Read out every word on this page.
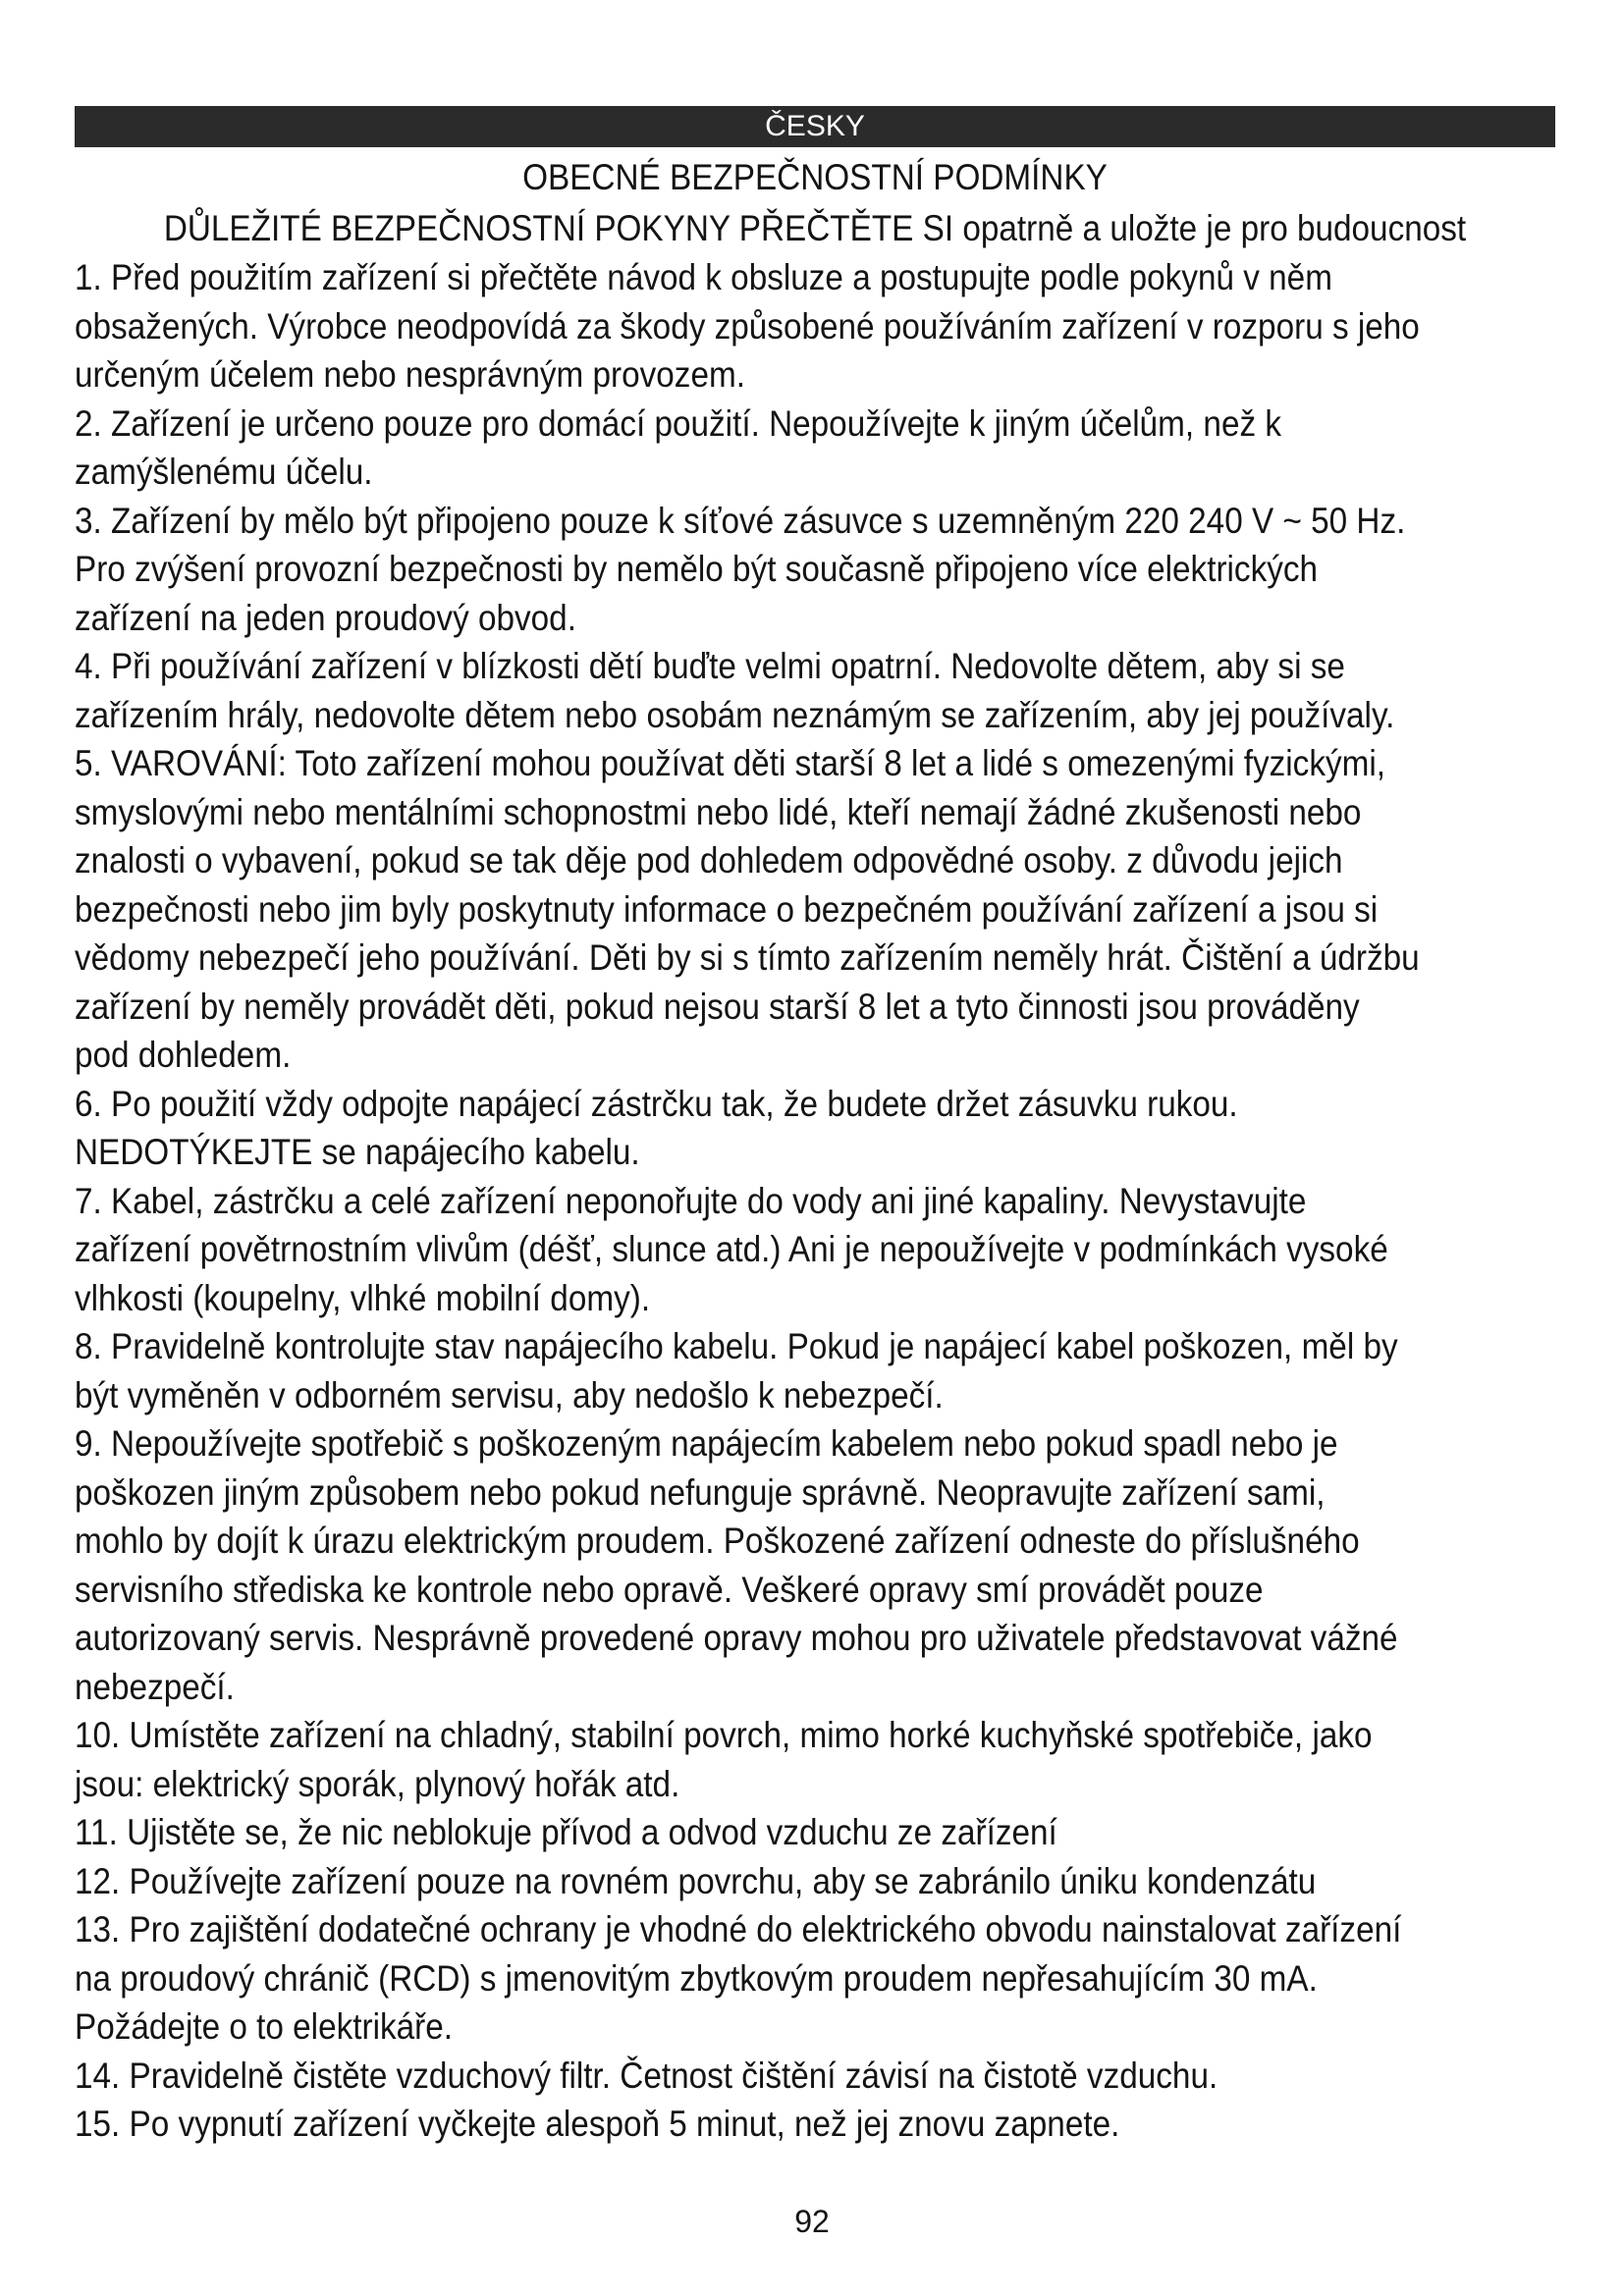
ČESKY
OBECNÉ BEZPEČNOSTNÍ PODMÍNKY
DŮLEŽITÉ BEZPEČNOSTNÍ POKYNY PŘEČTĚTE SI opatrně a uložte je pro budoucnost
1. Před použitím zařízení si přečtěte návod k obsluze a postupujte podle pokynů v něm
obsažených. Výrobce neodpovídá za škody způsobené používáním zařízení v rozporu s jeho
určeným účelem nebo nesprávným provozem.
2. Zařízení je určeno pouze pro domácí použití. Nepoužívejte k jiným účelům, než k
zamýšlenému účelu.
3. Zařízení by mělo být připojeno pouze k síťové zásuvce s uzemněným 220 240 V ~ 50 Hz.
Pro zvýšení provozní bezpečnosti by nemělo být současně připojeno více elektrických
zařízení na jeden proudový obvod.
4. Při používání zařízení v blízkosti dětí buďte velmi opatrní. Nedovolte dětem, aby si se
zařízením hrály, nedovolte dětem nebo osobám neznámým se zařízením, aby jej používaly.
5. VAROVÁNÍ: Toto zařízení mohou používat děti starší 8 let a lidé s omezenými fyzickými,
smyslovými nebo mentálními schopnostmi nebo lidé, kteří nemají žádné zkušenosti nebo
znalosti o vybavení, pokud se tak děje pod dohledem odpovědné osoby. z důvodu jejich
bezpečnosti nebo jim byly poskytnuty informace o bezpečném používání zařízení a jsou si
vědomy nebezpečí jeho používání. Děti by si s tímto zařízením neměly hrát. Čištění a údržbu
zařízení by neměly provádět děti, pokud nejsou starší 8 let a tyto činnosti jsou prováděny
pod dohledem.
6. Po použití vždy odpojte napájecí zástrčku tak, že budete držet zásuvku rukou.
NEDOTÝKEJTE se napájecího kabelu.
7. Kabel, zástrčku a celé zařízení neponořujte do vody ani jiné kapaliny. Nevystavujte
zařízení povětrnostním vlivům (déšť, slunce atd.) Ani je nepoužívejte v podmínkách vysoké
vlhkosti (koupelny, vlhké mobilní domy).
8. Pravidelně kontrolujte stav napájecího kabelu. Pokud je napájecí kabel poškozen, měl by
být vyměněn v odborném servisu, aby nedošlo k nebezpečí.
9. Nepoužívejte spotřebič s poškozeným napájecím kabelem nebo pokud spadl nebo je
poškozen jiným způsobem nebo pokud nefunguje správně. Neopravujte zařízení sami,
mohlo by dojít k úrazu elektrickým proudem. Poškozené zařízení odneste do příslušného
servisního střediska ke kontrole nebo opravě. Veškeré opravy smí provádět pouze
autorizovaný servis. Nesprávně provedené opravy mohou pro uživatele představovat vážné
nebezpečí.
10. Umístěte zařízení na chladný, stabilní povrch, mimo horké kuchyňské spotřebiče, jako
jsou: elektrický sporák, plynový hořák atd.
11. Ujistěte se, že nic neblokuje přívod a odvod vzduchu ze zařízení
12. Používejte zařízení pouze na rovném povrchu, aby se zabránilo úniku kondenzátu
13. Pro zajištění dodatečné ochrany je vhodné do elektrického obvodu nainstalovat zařízení
na proudový chránič (RCD) s jmenovitým zbytkovým proudem nepřesahujícím 30 mA.
Požádejte o to elektrikáře.
14. Pravidelně čistěte vzduchový filtr. Četnost čištění závisí na čistotě vzduchu.
15. Po vypnutí zařízení vyčkejte alespoň 5 minut, než jej znovu zapnete.
92
